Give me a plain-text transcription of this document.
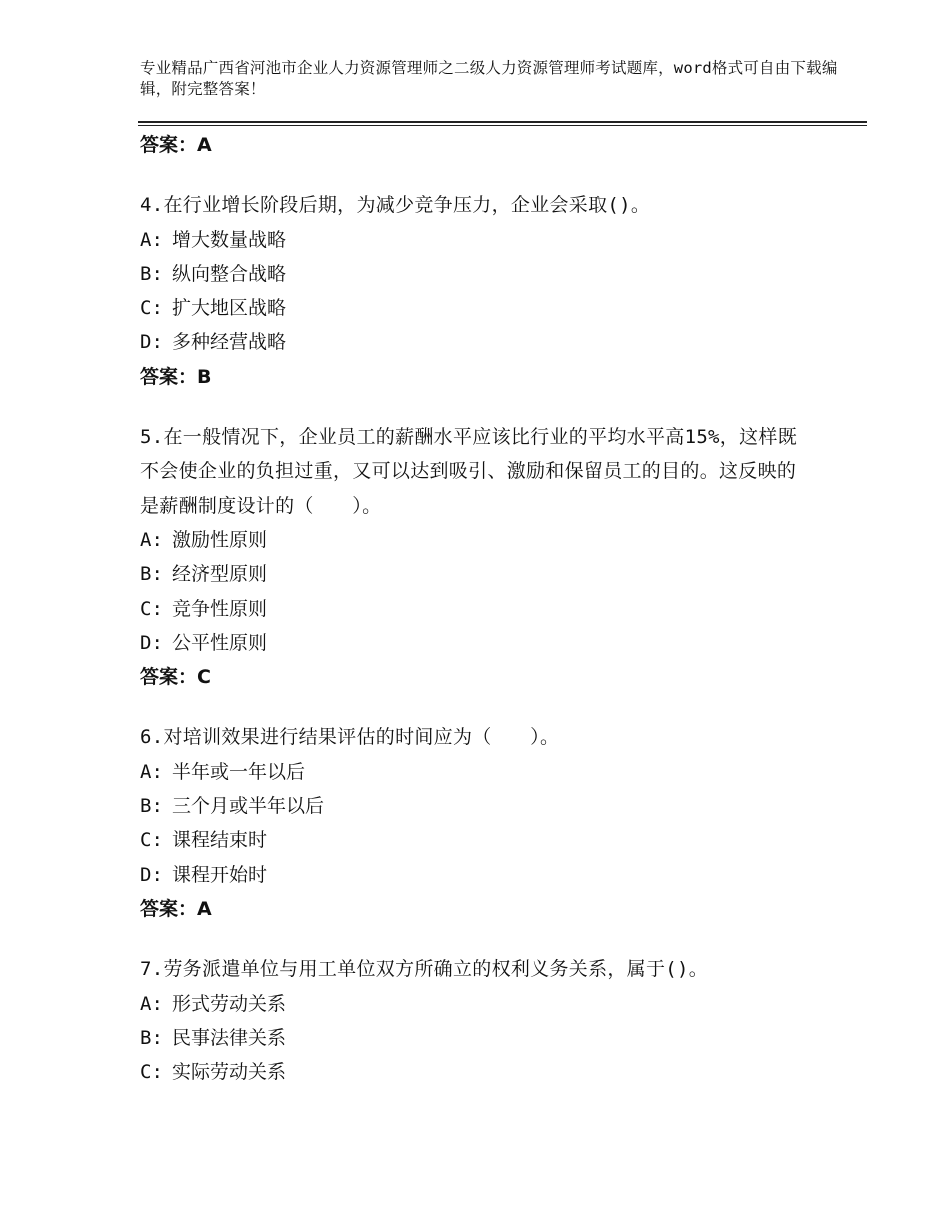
专业精品广西省河池市企业人力资源管理师之二级人力资源管理师考试题库，word格式可自由下载编辑，附完整答案！
答案：A
4.在行业增长阶段后期，为减少竞争压力，企业会采取()。
A: 增大数量战略
B: 纵向整合战略
C: 扩大地区战略
D: 多种经营战略
答案：B
5.在一般情况下，企业员工的薪酬水平应该比行业的平均水平高15%，这样既不会使企业的负担过重，又可以达到吸引、激励和保留员工的目的。这反映的是薪酬制度设计的（　　）。
A: 激励性原则
B: 经济型原则
C: 竞争性原则
D: 公平性原则
答案：C
6.对培训效果进行结果评估的时间应为（　　）。
A: 半年或一年以后
B: 三个月或半年以后
C: 课程结束时
D: 课程开始时
答案：A
7.劳务派遣单位与用工单位双方所确立的权利义务关系，属于()。
A: 形式劳动关系
B: 民事法律关系
C: 实际劳动关系
